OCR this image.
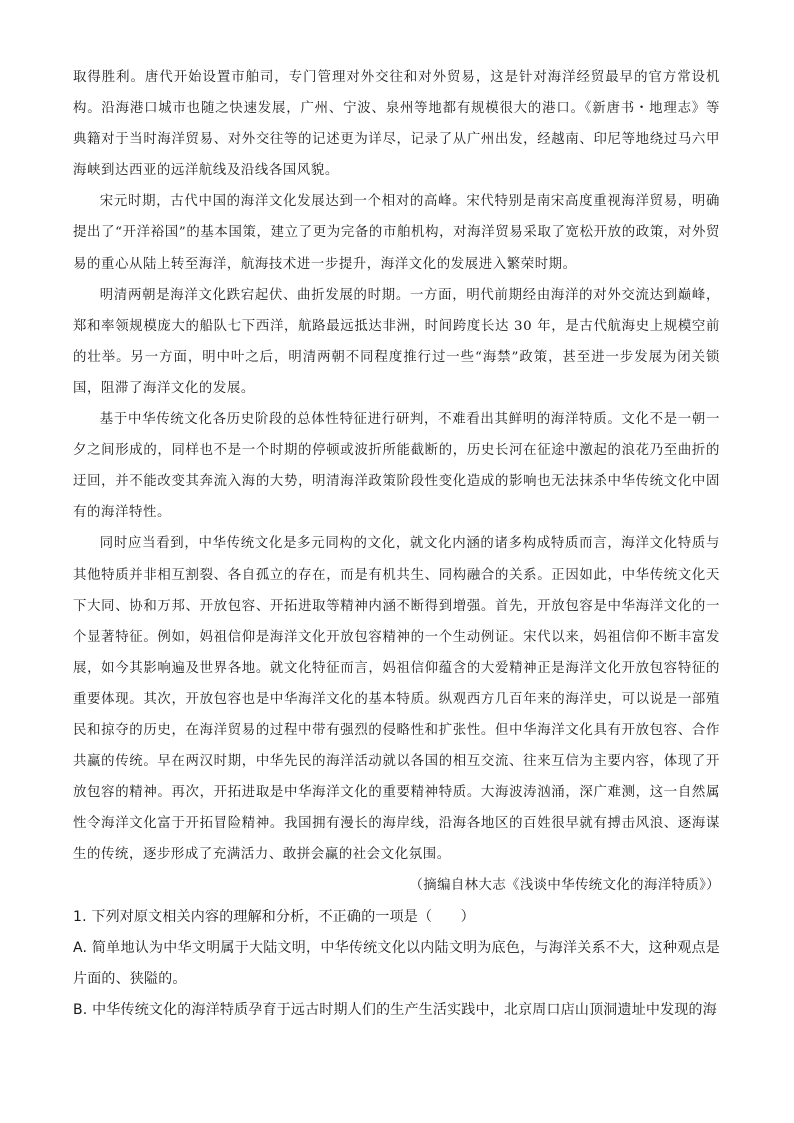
取得胜利。唐代开始设置市舶司，专门管理对外交往和对外贸易，这是针对海洋经贸最早的官方常设机构。沿海港口城市也随之快速发展，广州、宁波、泉州等地都有规模很大的港口。《新唐书・地理志》等典籍对于当时海洋贸易、对外交往等的记述更为详尽，记录了从广州出发，经越南、印尼等地绕过马六甲海峡到达西亚的远洋航线及沿线各国风貌。

宋元时期，古代中国的海洋文化发展达到一个相对的高峰。宋代特别是南宋高度重视海洋贸易，明确提出了“开洋裕国”的基本国策，建立了更为完备的市舶机构，对海洋贸易采取了宽松开放的政策，对外贸易的重心从陆上转至海洋，航海技术进一步提升，海洋文化的发展进入繁荣时期。

明清两朝是海洋文化跌宕起伏、曲折发展的时期。一方面，明代前期经由海洋的对外交流达到巅峰，郑和率领规模庞大的船队七下西洋，航路最远抵达非洲，时间跨度长达 30 年，是古代航海史上规模空前的壮举。另一方面，明中叶之后，明清两朝不同程度推行过一些“海禁”政策，甚至进一步发展为闭关锁国，阻滞了海洋文化的发展。

基于中华传统文化各历史阶段的总体性特征进行研判，不难看出其鲜明的海洋特质。文化不是一朝一夕之间形成的，同样也不是一个时期的停顿或波折所能截断的，历史长河在征途中激起的浪花乃至曲折的迂回，并不能改变其奔流入海的大势，明清海洋政策阶段性变化造成的影响也无法抹杀中华传统文化中固有的海洋特性。

同时应当看到，中华传统文化是多元同构的文化，就文化内涵的诸多构成特质而言，海洋文化特质与其他特质并非相互割裂、各自孤立的存在，而是有机共生、同构融合的关系。正因如此，中华传统文化天下大同、协和万邦、开放包容、开拓进取等精神内涵不断得到增强。首先，开放包容是中华海洋文化的一个显著特征。例如，妈祖信仰是海洋文化开放包容精神的一个生动例证。宋代以来，妈祖信仰不断丰富发展，如今其影响遍及世界各地。就文化特征而言，妈祖信仰蕴含的大爱精神正是海洋文化开放包容特征的重要体现。其次，开放包容也是中华海洋文化的基本特质。纵观西方几百年来的海洋史，可以说是一部殖民和掠夺的历史，在海洋贸易的过程中带有强烈的侵略性和扩张性。但中华海洋文化具有开放包容、合作共赢的传统。早在两汉时期，中华先民的海洋活动就以各国的相互交流、往来互信为主要内容，体现了开放包容的精神。再次，开拓进取是中华海洋文化的重要精神特质。大海波涛汹涌，深广难测，这一自然属性令海洋文化富于开拓冒险精神。我国拥有漫长的海岸线，沿海各地区的百姓很早就有搏击风浪、逐海谋生的传统，逐步形成了充满活力、敢拼会赢的社会文化氛围。

（摘编自林大志《浅谈中华传统文化的海洋特质》）

1. 下列对原文相关内容的理解和分析，不正确的一项是（　　）

A. 简单地认为中华文明属于大陆文明，中华传统文化以内陆文明为底色，与海洋关系不大，这种观点是片面的、狭隘的。

B. 中华传统文化的海洋特质孕育于远古时期人们的生产生活实践中，北京周口店山顶洞遗址中发现的海
